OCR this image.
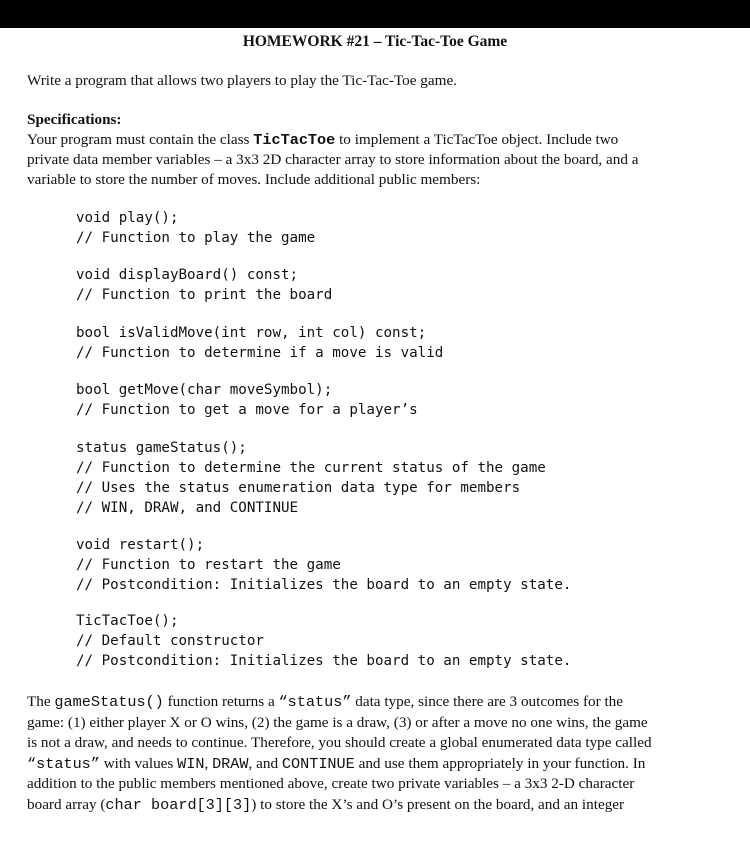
HOMEWORK #21 – Tic-Tac-Toe Game
Write a program that allows two players to play the Tic-Tac-Toe game.
Specifications:
Your program must contain the class TicTacToe to implement a TicTacToe object. Include two
private data member variables – a 3x3 2D character array to store information about the board, and a
variable to store the number of moves. Include additional public members:
void play();
// Function to play the game
void displayBoard() const;
// Function to print the board
bool isValidMove(int row, int col) const;
// Function to determine if a move is valid
bool getMove(char moveSymbol);
// Function to get a move for a player’s
status gameStatus();
// Function to determine the current status of the game
// Uses the status enumeration data type for members
// WIN, DRAW, and CONTINUE
void restart();
// Function to restart the game
// Postcondition: Initializes the board to an empty state.
TicTacToe();
// Default constructor
// Postcondition: Initializes the board to an empty state.
The gameStatus() function returns a “status” data type, since there are 3 outcomes for the
game: (1) either player X or O wins, (2) the game is a draw, (3) or after a move no one wins, the game
is not a draw, and needs to continue. Therefore, you should create a global enumerated data type called
“status” with values WIN, DRAW, and CONTINUE and use them appropriately in your function. In
addition to the public members mentioned above, create two private variables – a 3x3 2-D character
board array (char board[3][3]) to store the X’s and O’s present on the board, and an integer
